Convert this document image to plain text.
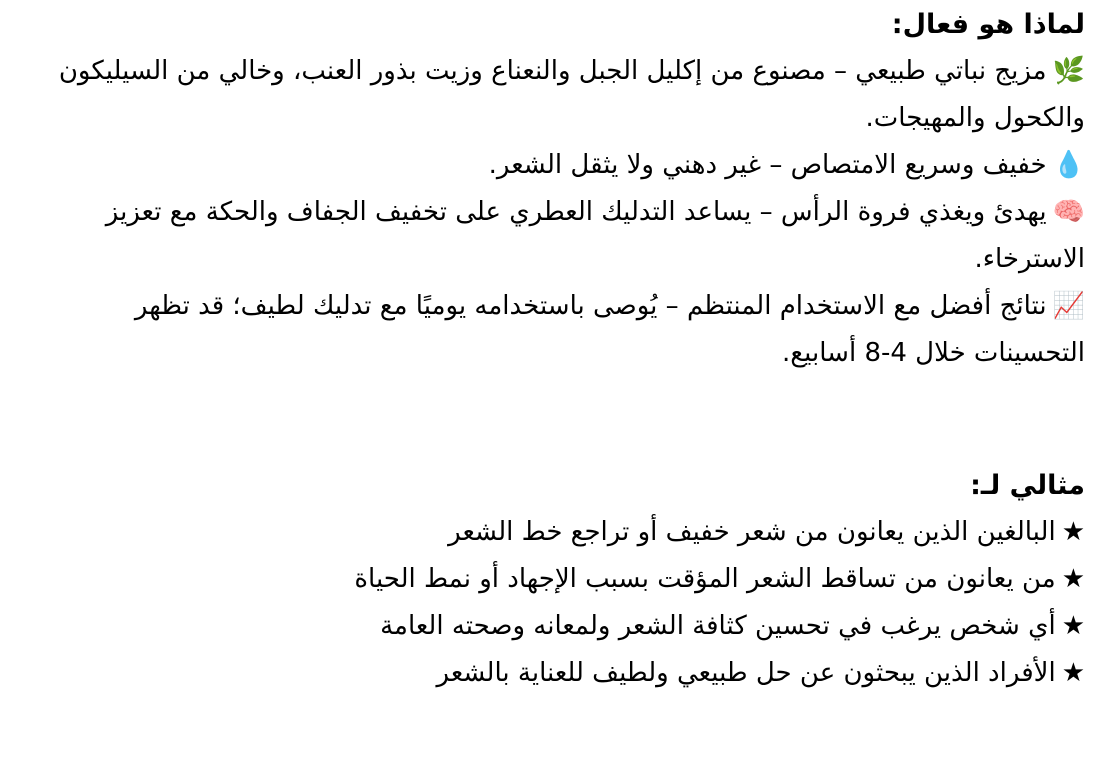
لماذا هو فعال:

🌿مزيج نباتي طبيعي – مصنوع من إكليل الجبل والنعناع وزيت بذور العنب، وخالي من السيليكون والكحول والمهيجات.

💧خفيف وسريع الامتصاص – غير دهني ولا يثقل الشعر.

🧠يهدئ ويغذي فروة الرأس – يساعد التدليك العطري على تخفيف الجفاف والحكة مع تعزيز الاسترخاء.

📈نتائج أفضل مع الاستخدام المنتظم – يُوصى باستخدامه يوميًا مع تدليك لطيف؛ قد تظهر التحسينات خلال 4-8 أسابيع.

مثالي لـ:
★البالغين الذين يعانون من شعر خفيف أو تراجع خط الشعر
★من يعانون من تساقط الشعر المؤقت بسبب الإجهاد أو نمط الحياة
★أي شخص يرغب في تحسين كثافة الشعر ولمعانه وصحته العامة
★الأفراد الذين يبحثون عن حل طبيعي ولطيف للعناية بالشعر
